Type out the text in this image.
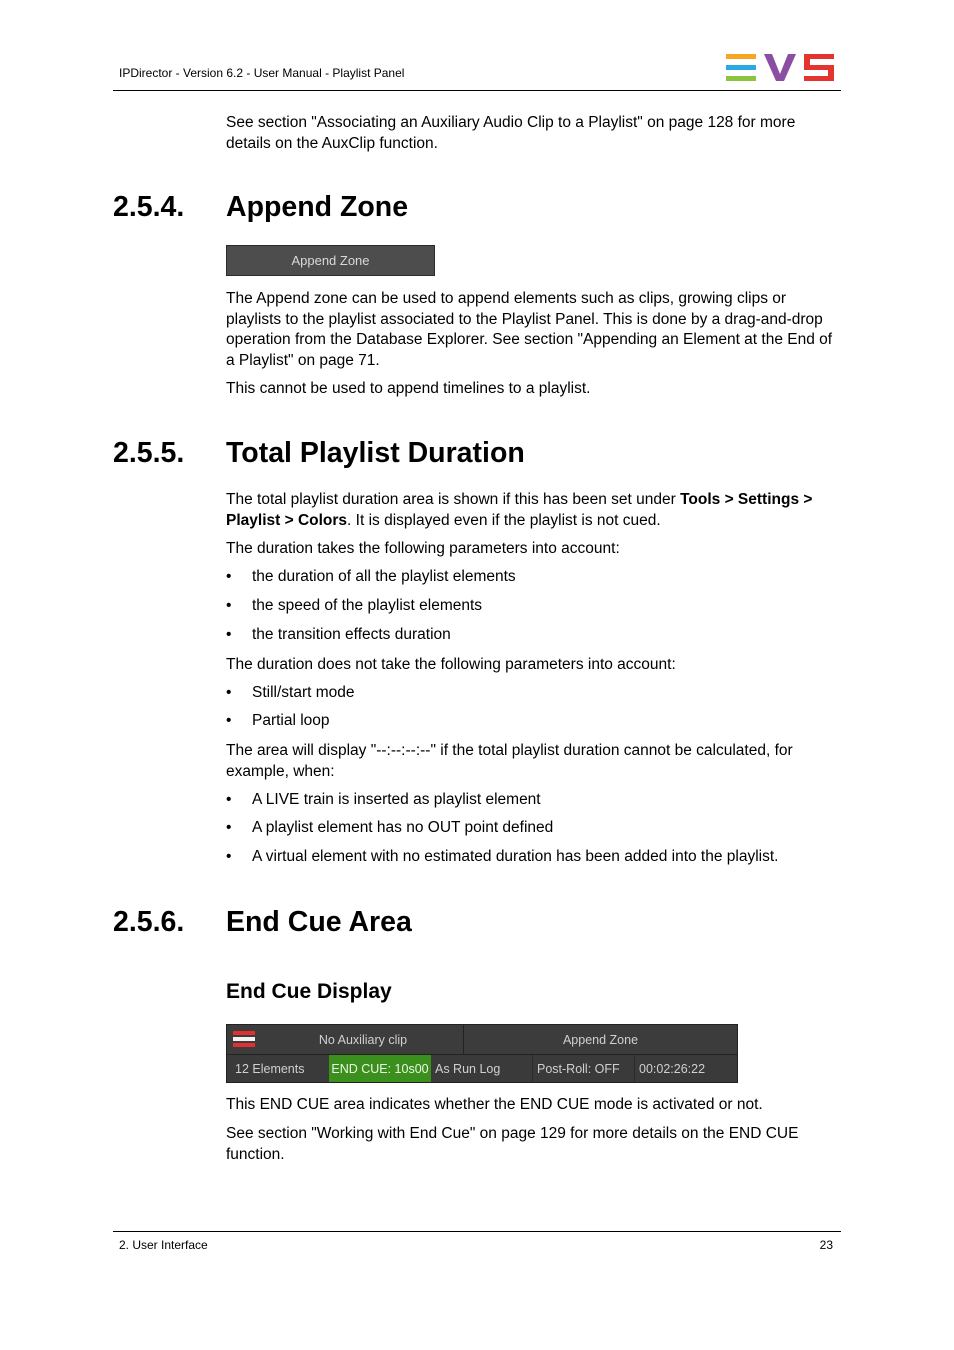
IPDirector - Version 6.2 - User Manual - Playlist Panel

See section "Associating an Auxiliary Audio Clip to a Playlist" on page 128 for more details on the AuxClip function.

2.5.4. Append Zone
Append Zone

The Append zone can be used to append elements such as clips, growing clips or playlists to the playlist associated to the Playlist Panel. This is done by a drag-and-drop operation from the Database Explorer. See section "Appending an Element at the End of a Playlist" on page 71.

This cannot be used to append timelines to a playlist.

2.5.5. Total Playlist Duration

The total playlist duration area is shown if this has been set under Tools > Settings > Playlist > Colors. It is displayed even if the playlist is not cued.

The duration takes the following parameters into account:

• the duration of all the playlist elements
• the speed of the playlist elements
• the transition effects duration

The duration does not take the following parameters into account:

• Still/start mode
• Partial loop

The area will display "--:--:--:--" if the total playlist duration cannot be calculated, for example, when:

• A LIVE train is inserted as playlist element
• A playlist element has no OUT point defined
• A virtual element with no estimated duration has been added into the playlist.
2.5.6. End Cue Area
End Cue Display
No Auxiliary clip	Append Zone
12 Elements	END CUE: 10s00 As Run Log	Post-Roll: OFF	00:02:26:22

This END CUE area indicates whether the END CUE mode is activated or not.

See section "Working with End Cue" on page 129 for more details on the END CUE function.

2. User Interface	23
